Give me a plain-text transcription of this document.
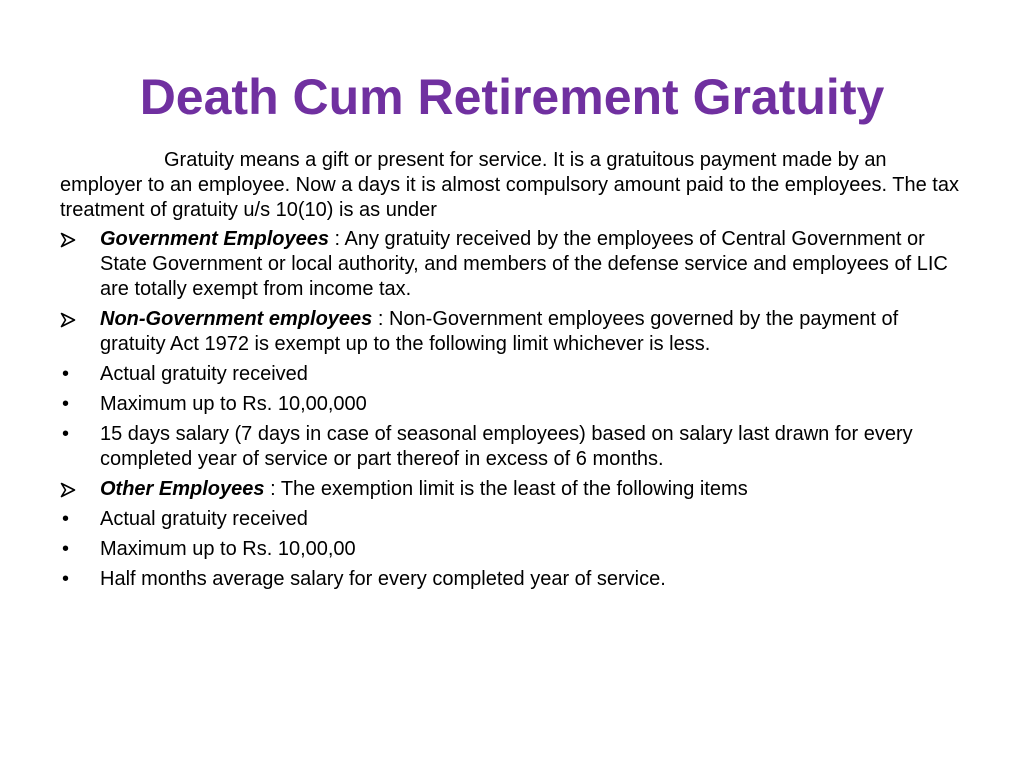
Death Cum Retirement Gratuity

Gratuity means a gift or present for service. It is a gratuitous payment made by an employer to an employee. Now a days it is almost compulsory amount paid to the employees. The tax treatment of gratuity u/s 10(10) is as under

Government Employees : Any gratuity received by the employees of Central Government or State Government or local authority, and members of the defense service and employees of LIC are totally exempt from income tax.
Non-Government employees : Non-Government employees governed by the payment of gratuity Act 1972 is exempt up to the following limit whichever is less.
•	Actual gratuity received
•	Maximum up to Rs. 10,00,000
•	15 days salary (7 days in case of seasonal employees) based on salary last drawn for every completed year of service or part thereof in excess of 6 months.
Other Employees : The exemption limit is the least of the following items
•	Actual gratuity received
•	Maximum up to Rs. 10,00,00
•	Half months average salary for every completed year of service.
